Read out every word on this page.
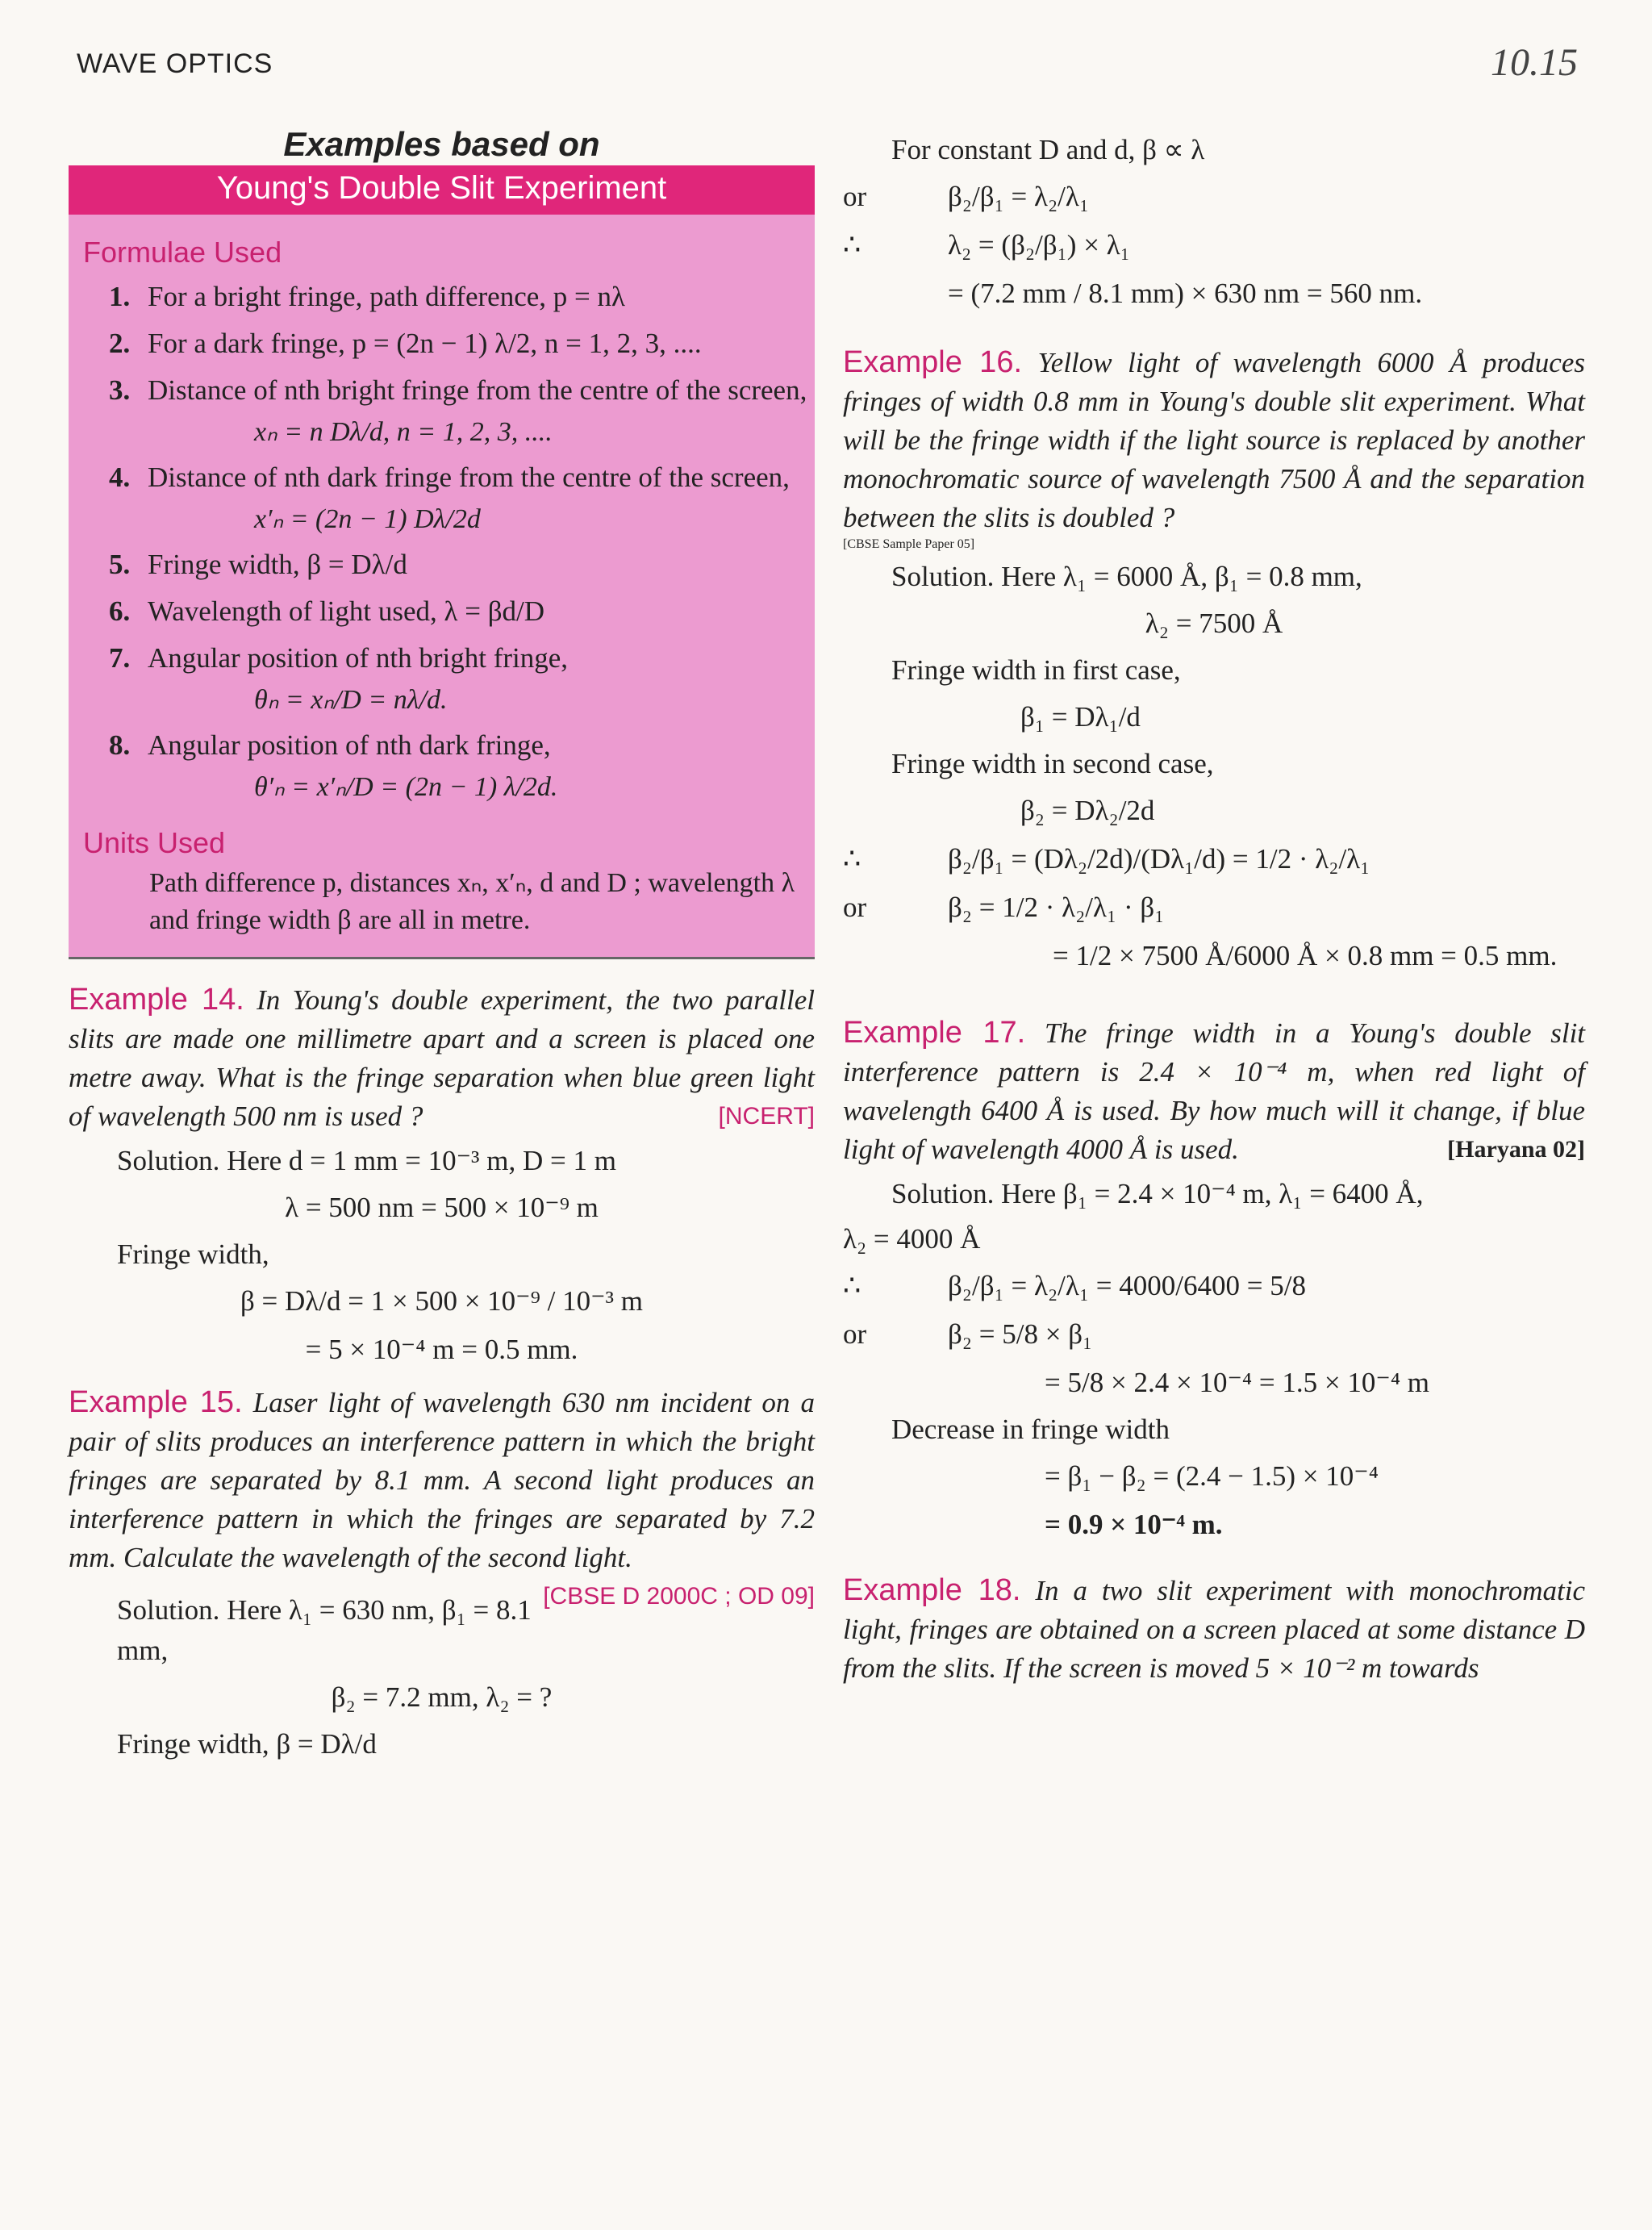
WAVE OPTICS	10.15
Examples based on
Young's Double Slit Experiment
Formulae Used
1. For a bright fringe, path difference, p = nλ
2. For a dark fringe, p = (2n − 1) λ/2, n = 1, 2, 3, ....
3. Distance of nth bright fringe from the centre of the screen,
xₙ = n Dλ/d, n = 1, 2, 3, ....
4. Distance of nth dark fringe from the centre of the screen,
x′ₙ = (2n − 1) Dλ/2d
5. Fringe width, β = Dλ/d
6. Wavelength of light used, λ = βd/D
7. Angular position of nth bright fringe,
θₙ = xₙ/D = nλ/d.
8. Angular position of nth dark fringe,
θ′ₙ = x′ₙ/D = (2n − 1) λ/2d.
Units Used
Path difference p, distances xₙ, x′ₙ, d and D ; wavelength λ and fringe width β are all in metre.
Example 14. In Young's double experiment, the two parallel slits are made one millimetre apart and a screen is placed one metre away. What is the fringe separation when blue green light of wavelength 500 nm is used ?	[NCERT]
Solution. Here d = 1 mm = 10⁻³ m, D = 1 m
λ = 500 nm = 500 × 10⁻⁹ m
Fringe width,
β = Dλ/d = 1 × 500 × 10⁻⁹ / 10⁻³ m
= 5 × 10⁻⁴ m = 0.5 mm.
Example 15. Laser light of wavelength 630 nm incident on a pair of slits produces an interference pattern in which the bright fringes are separated by 8.1 mm. A second light produces an interference pattern in which the fringes are separated by 7.2 mm. Calculate the wavelength of the second light.
[CBSE D 2000C ; OD 09]
Solution. Here λ₁ = 630 nm, β₁ = 8.1 mm,
β₂ = 7.2 mm, λ₂ = ?
Fringe width, β = Dλ/d
For constant D and d, β ∝ λ
or	β₂/β₁ = λ₂/λ₁
∴	λ₂ = (β₂/β₁) × λ₁
= (7.2 mm / 8.1 mm) × 630 nm = 560 nm.
Example 16. Yellow light of wavelength 6000 Å produces fringes of width 0.8 mm in Young's double slit experiment. What will be the fringe width if the light source is replaced by another monochromatic source of wavelength 7500 Å and the separation between the slits is doubled ?
[CBSE Sample Paper 05]
Solution. Here λ₁ = 6000 Å, β₁ = 0.8 mm,
λ₂ = 7500 Å
Fringe width in first case,
β₁ = Dλ₁/d
Fringe width in second case,
β₂ = Dλ₂/2d
∴	β₂/β₁ = (Dλ₂/2d)/(Dλ₁/d) = 1/2 · λ₂/λ₁
or	β₂ = 1/2 · λ₂/λ₁ · β₁
= 1/2 × 7500 Å/6000 Å × 0.8 mm = 0.5 mm.
Example 17. The fringe width in a Young's double slit interference pattern is 2.4 × 10⁻⁴ m, when red light of wavelength 6400 Å is used. By how much will it change, if blue light of wavelength 4000 Å is used.	[Haryana 02]
Solution. Here β₁ = 2.4 × 10⁻⁴ m, λ₁ = 6400 Å,
λ₂ = 4000 Å
∴	β₂/β₁ = λ₂/λ₁ = 4000/6400 = 5/8
or	β₂ = 5/8 × β₁
= 5/8 × 2.4 × 10⁻⁴ = 1.5 × 10⁻⁴ m
Decrease in fringe width
= β₁ − β₂ = (2.4 − 1.5) × 10⁻⁴
= 0.9 × 10⁻⁴ m.
Example 18. In a two slit experiment with monochromatic light, fringes are obtained on a screen placed at some distance D from the slits. If the screen is moved 5 × 10⁻² m towards
